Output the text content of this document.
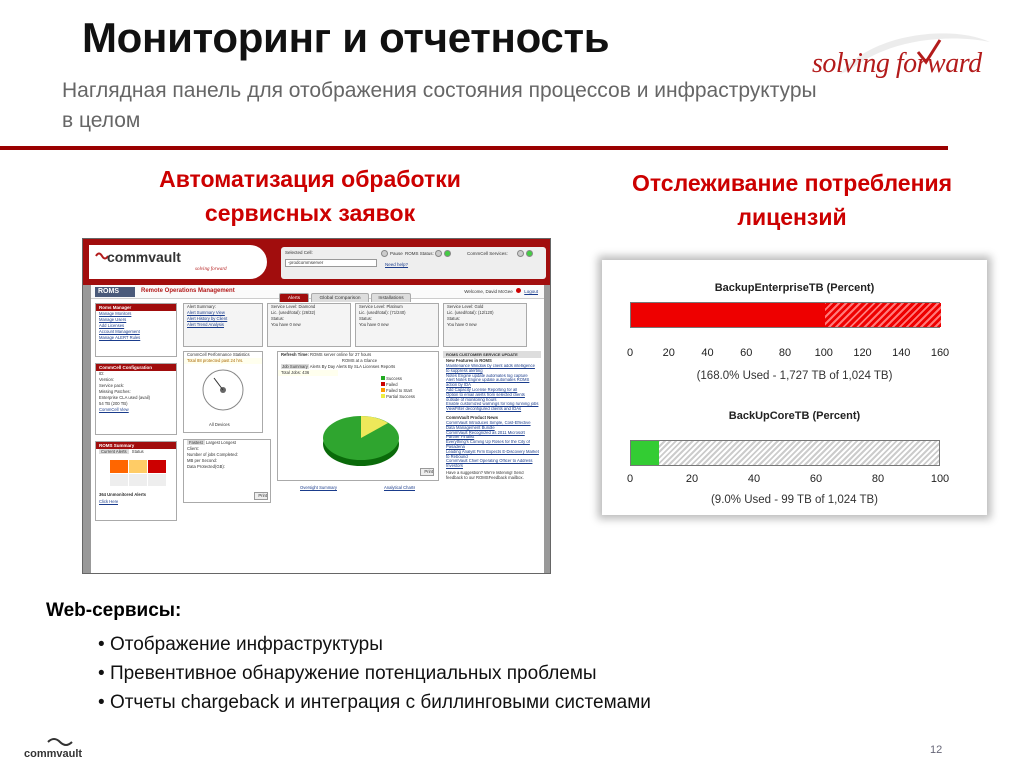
Мониторинг и отчетность
Наглядная панель для отображения состояния процессов и инфраструктуры в целом
solving forward
Автоматизация обработки сервисных заявок
Отслеживание потребления лицензий
commvault
solving forward
Selected Cell:
-prodcommserver
Pause ROMS Status:	CommCell Services:
Need help?
ROMS	Remote Operations Management	Welcome, David McGee	Logout
Alerts	Global Comparison	Installations
Roms Manager
Manage Monitors
Manage Users
Add Licenses
Account Management
Manage ALERT Rules
CommCell Configuration
ID:
Version:
Service pack:
Missing Patches:
Enterprise CLA used (avail)
54 TB (200 TB)
CommCell View
ROMS Summary
Current Alerts Status
364 Unmonitored Alerts
Click Here
Alert Summary:
Alert Summary View
Alert History by Client
Alert Trend Analysis
Service Level: Diamond
Lic. (used/total): (26/32)
Status:
You have 0 new
Service Level: Platinum
Lic. (used/total): (71/240)
Status:
You have 0 new
Service Level: Gold
Lic. (used/total): (12/120)
Status:
You have 0 new
CommCell Performance Statistics
Total 88 protected past 24 hrs.
All Devices
Fastest Largest Longest
Client:
Number of jobs Completed:
MB per Second:
Data Protected(GB):
Print
Refresh Time: ROMS server online for 27 hours
ROMS at a Glance
Job Summary Alerts By Day Alerts By SLA Licenses Reports
Total Jobs: 436
Success
Failed
Failed to Start
Partial Success
Print
Oversight Summary	Analytical Charts
ROMS CUSTOMER SERVICE UPDATE
New Features in ROMS
Maintenance Window by client adds intelligence to suppress alerting
Notes Engine update automates log capture
Alert Notes Engine update automates ROMS action by IDA
Add Capacity License Reporting for all
Option to email alerts from selected clients outside of monitoring hours
Enable customized warnings for long running jobs
ViewFilter deconfigured clients and IDAs
CommVault Product News
CommVault Introduces Simple, Cost-Effective Data Management Bundle
CommVault Recognized as 2011 Microsoft Partner Finalist
Everything's Coming Up Roses for the City of Pasadena
Leading Analyst Firm Expects E-Discovery Market to Rebound
CommVault Chief Operating Officer to Address Investors
Have a suggestion? We're listening! Send feedback to our ROMSFeedback mailbox.
BackupEnterpriseTB (Percent)
0	20 40 60 80 100 120 140 160
(168.0% Used - 1,727 TB of 1,024 TB)
BackUpCoreTB (Percent)
0	20	40	60	80	100
(9.0% Used - 99 TB of 1,024 TB)
Web-сервисы:
• Отображение инфраструктуры
• Превентивное обнаружение потенциальных проблемы
• Отчеты chargeback и интеграция с биллинговыми системами
commvault	12
